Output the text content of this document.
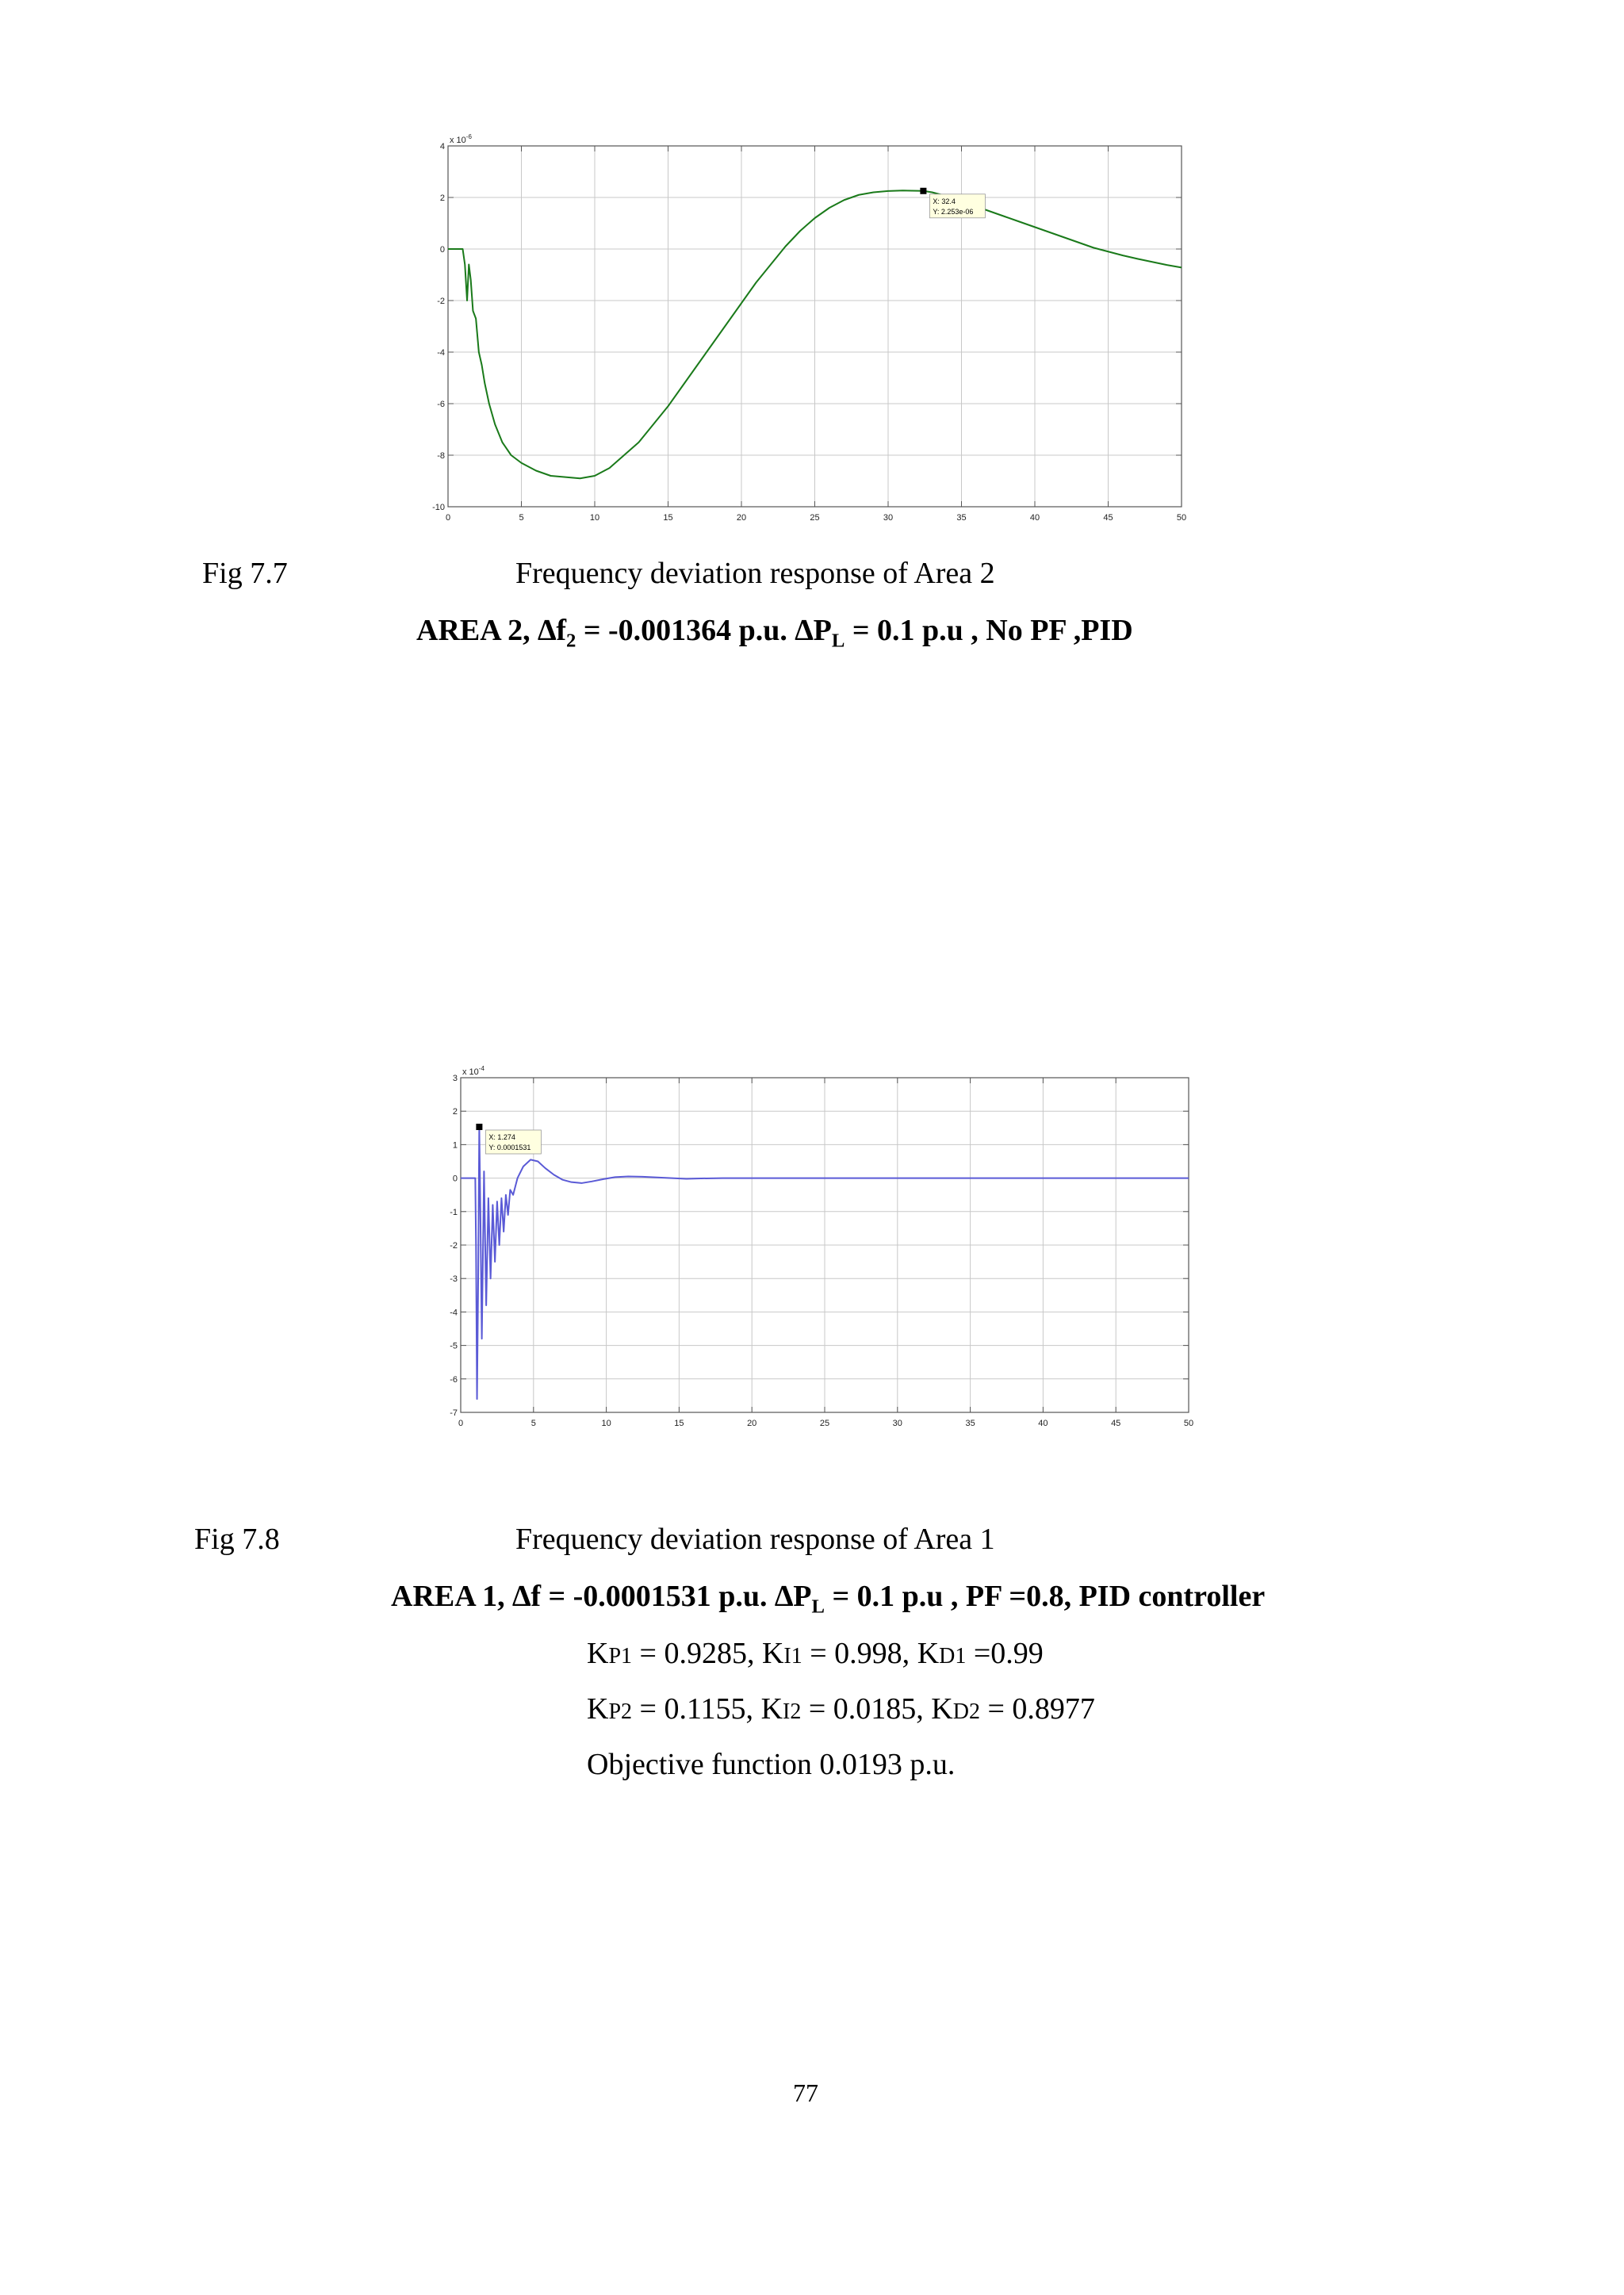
0	5	10	15	20	25	30	35	40	45	50
-10
-8
-6
-4
-2
0
2
4
x $10^{-6}$
X: 32.4
Y: 2.253e-06
Fig 7.7	Frequency deviation response of Area 2
AREA 2, $\Delta f_2 = -0.001364$ p.u. $\Delta P_L = 0.1$ p.u , No PF ,PID
0	5	10	15	20	25	30	35	40	45	50
-7
-6
-5
-4
-3
-2
-1
0
1
2
3
x $10^{-4}$
X: 1.274
Y: 0.0001531
Fig 7.8	Frequency deviation response of Area 1
AREA 1, ∆f = -0.0001531 p.u. $\Delta P_L = 0.1$ p.u , PF =0.8, PID controller
KP1 = 0.9285, KI1 = 0.998, KD1 =0.99
KP2 = 0.1155, KI2 = 0.0185, KD2 = 0.8977
Objective function 0.0193 p.u.
77
